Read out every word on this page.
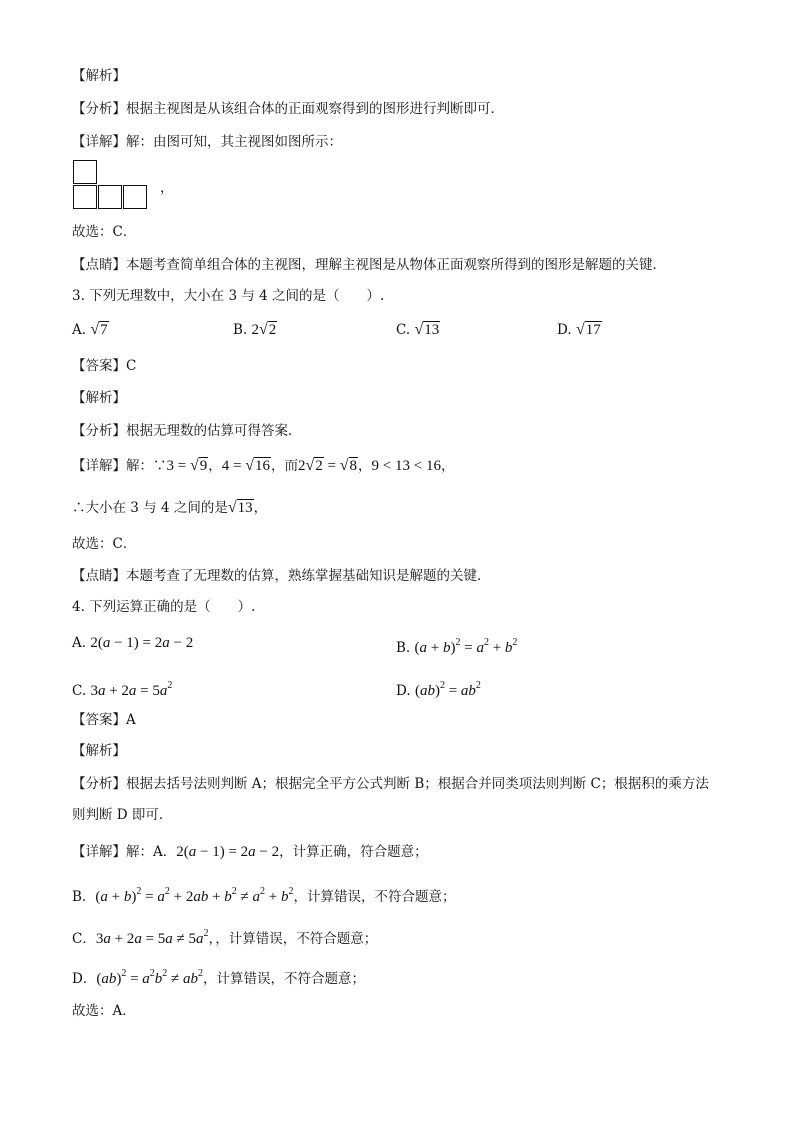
【解析】
【分析】根据主视图是从该组合体的正面观察得到的图形进行判断即可．
【详解】解：由图可知，其主视图如图所示：
，
故选：C．
【点睛】本题考查简单组合体的主视图，理解主视图是从物体正面观察所得到的图形是解题的关键．
3. 下列无理数中，大小在 3 与 4 之间的是（　　）.
A. √7	B. 2√2	C. √13	D. √17
【答案】C
【解析】
【分析】根据无理数的估算可得答案．
【详解】解：∵3 = √9，4 = √16，而2√2 = √8，9 < 13 < 16，
∴大小在 3 与 4 之间的是√13，
故选：C．
【点睛】本题考查了无理数的估算，熟练掌握基础知识是解题的关键．
4. 下列运算正确的是（　　）.
A. 2(a − 1) = 2a − 2	B. $(a + b)^2 = a^2 + b^2$
C. $3a + 2a = 5a^2$	D. $(ab)^2 = ab^2$
【答案】A
【解析】
【分析】根据去括号法则判断 A；根据完全平方公式判断 B；根据合并同类项法则判断 C；根据积的乘方法
则判断 D 即可．
【详解】解：A．2(a − 1) = 2a − 2，计算正确，符合题意；
B．$(a + b)^2 = a^2 + 2ab + b^2 \ne a^2 + b^2$，计算错误，不符合题意；
C．$3a + 2a = 5a \ne 5a^2$，，计算错误，不符合题意；
D．$(ab)^2 = a^2b^2 \ne ab^2$，计算错误，不符合题意；
故选：A．
